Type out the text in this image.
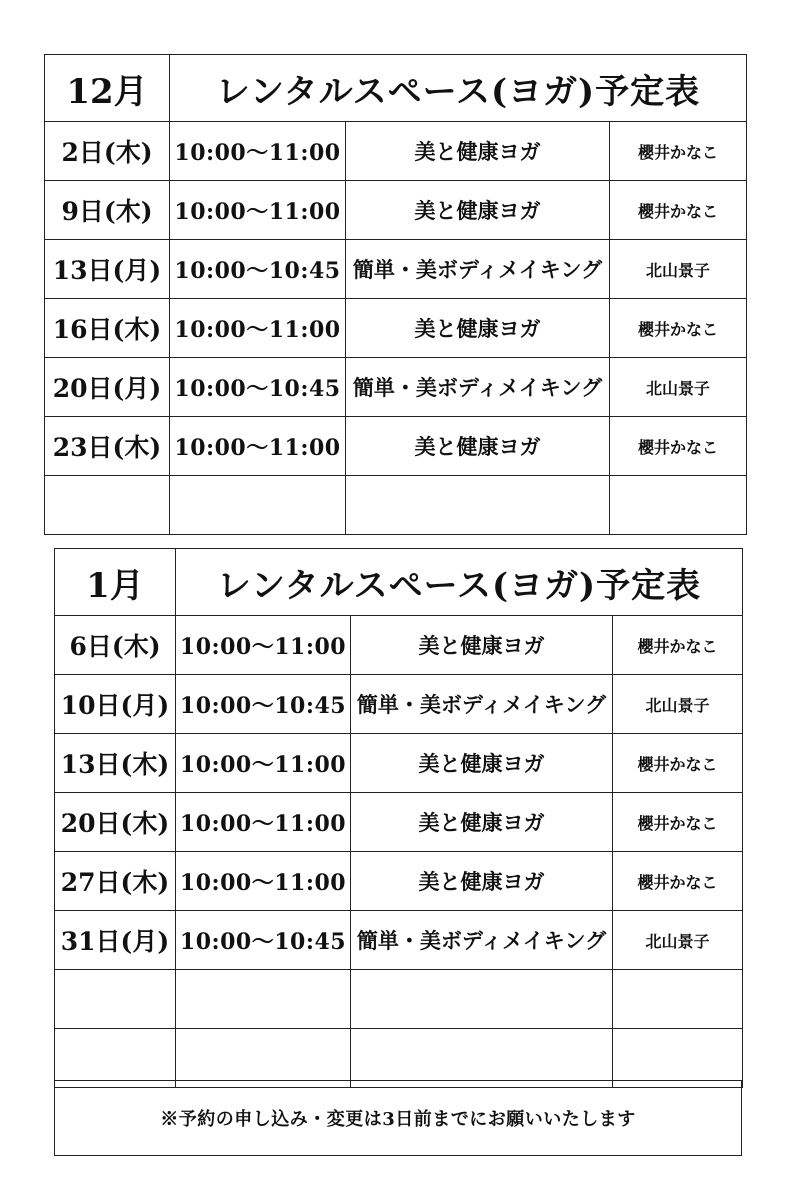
12月	レンタルスペース(ヨガ)予定表		
2日(木)	10:00～11:00	美と健康ヨガ	櫻井かなこ
9日(木)	10:00～11:00	美と健康ヨガ	櫻井かなこ
13日(月)	10:00～10:45	簡単・美ボディメイキング	北山景子
16日(木)	10:00～11:00	美と健康ヨガ	櫻井かなこ
20日(月)	10:00～10:45	簡単・美ボディメイキング	北山景子
23日(木)	10:00～11:00	美と健康ヨガ	櫻井かなこ

1月	レンタルスペース(ヨガ)予定表		
6日(木)	10:00～11:00	美と健康ヨガ	櫻井かなこ
10日(月)	10:00～10:45	簡単・美ボディメイキング	北山景子
13日(木)	10:00～11:00	美と健康ヨガ	櫻井かなこ
20日(木)	10:00～11:00	美と健康ヨガ	櫻井かなこ
27日(木)	10:00～11:00	美と健康ヨガ	櫻井かなこ
31日(月)	10:00～10:45	簡単・美ボディメイキング	北山景子

※予約の申し込み・変更は3日前までにお願いいたします
